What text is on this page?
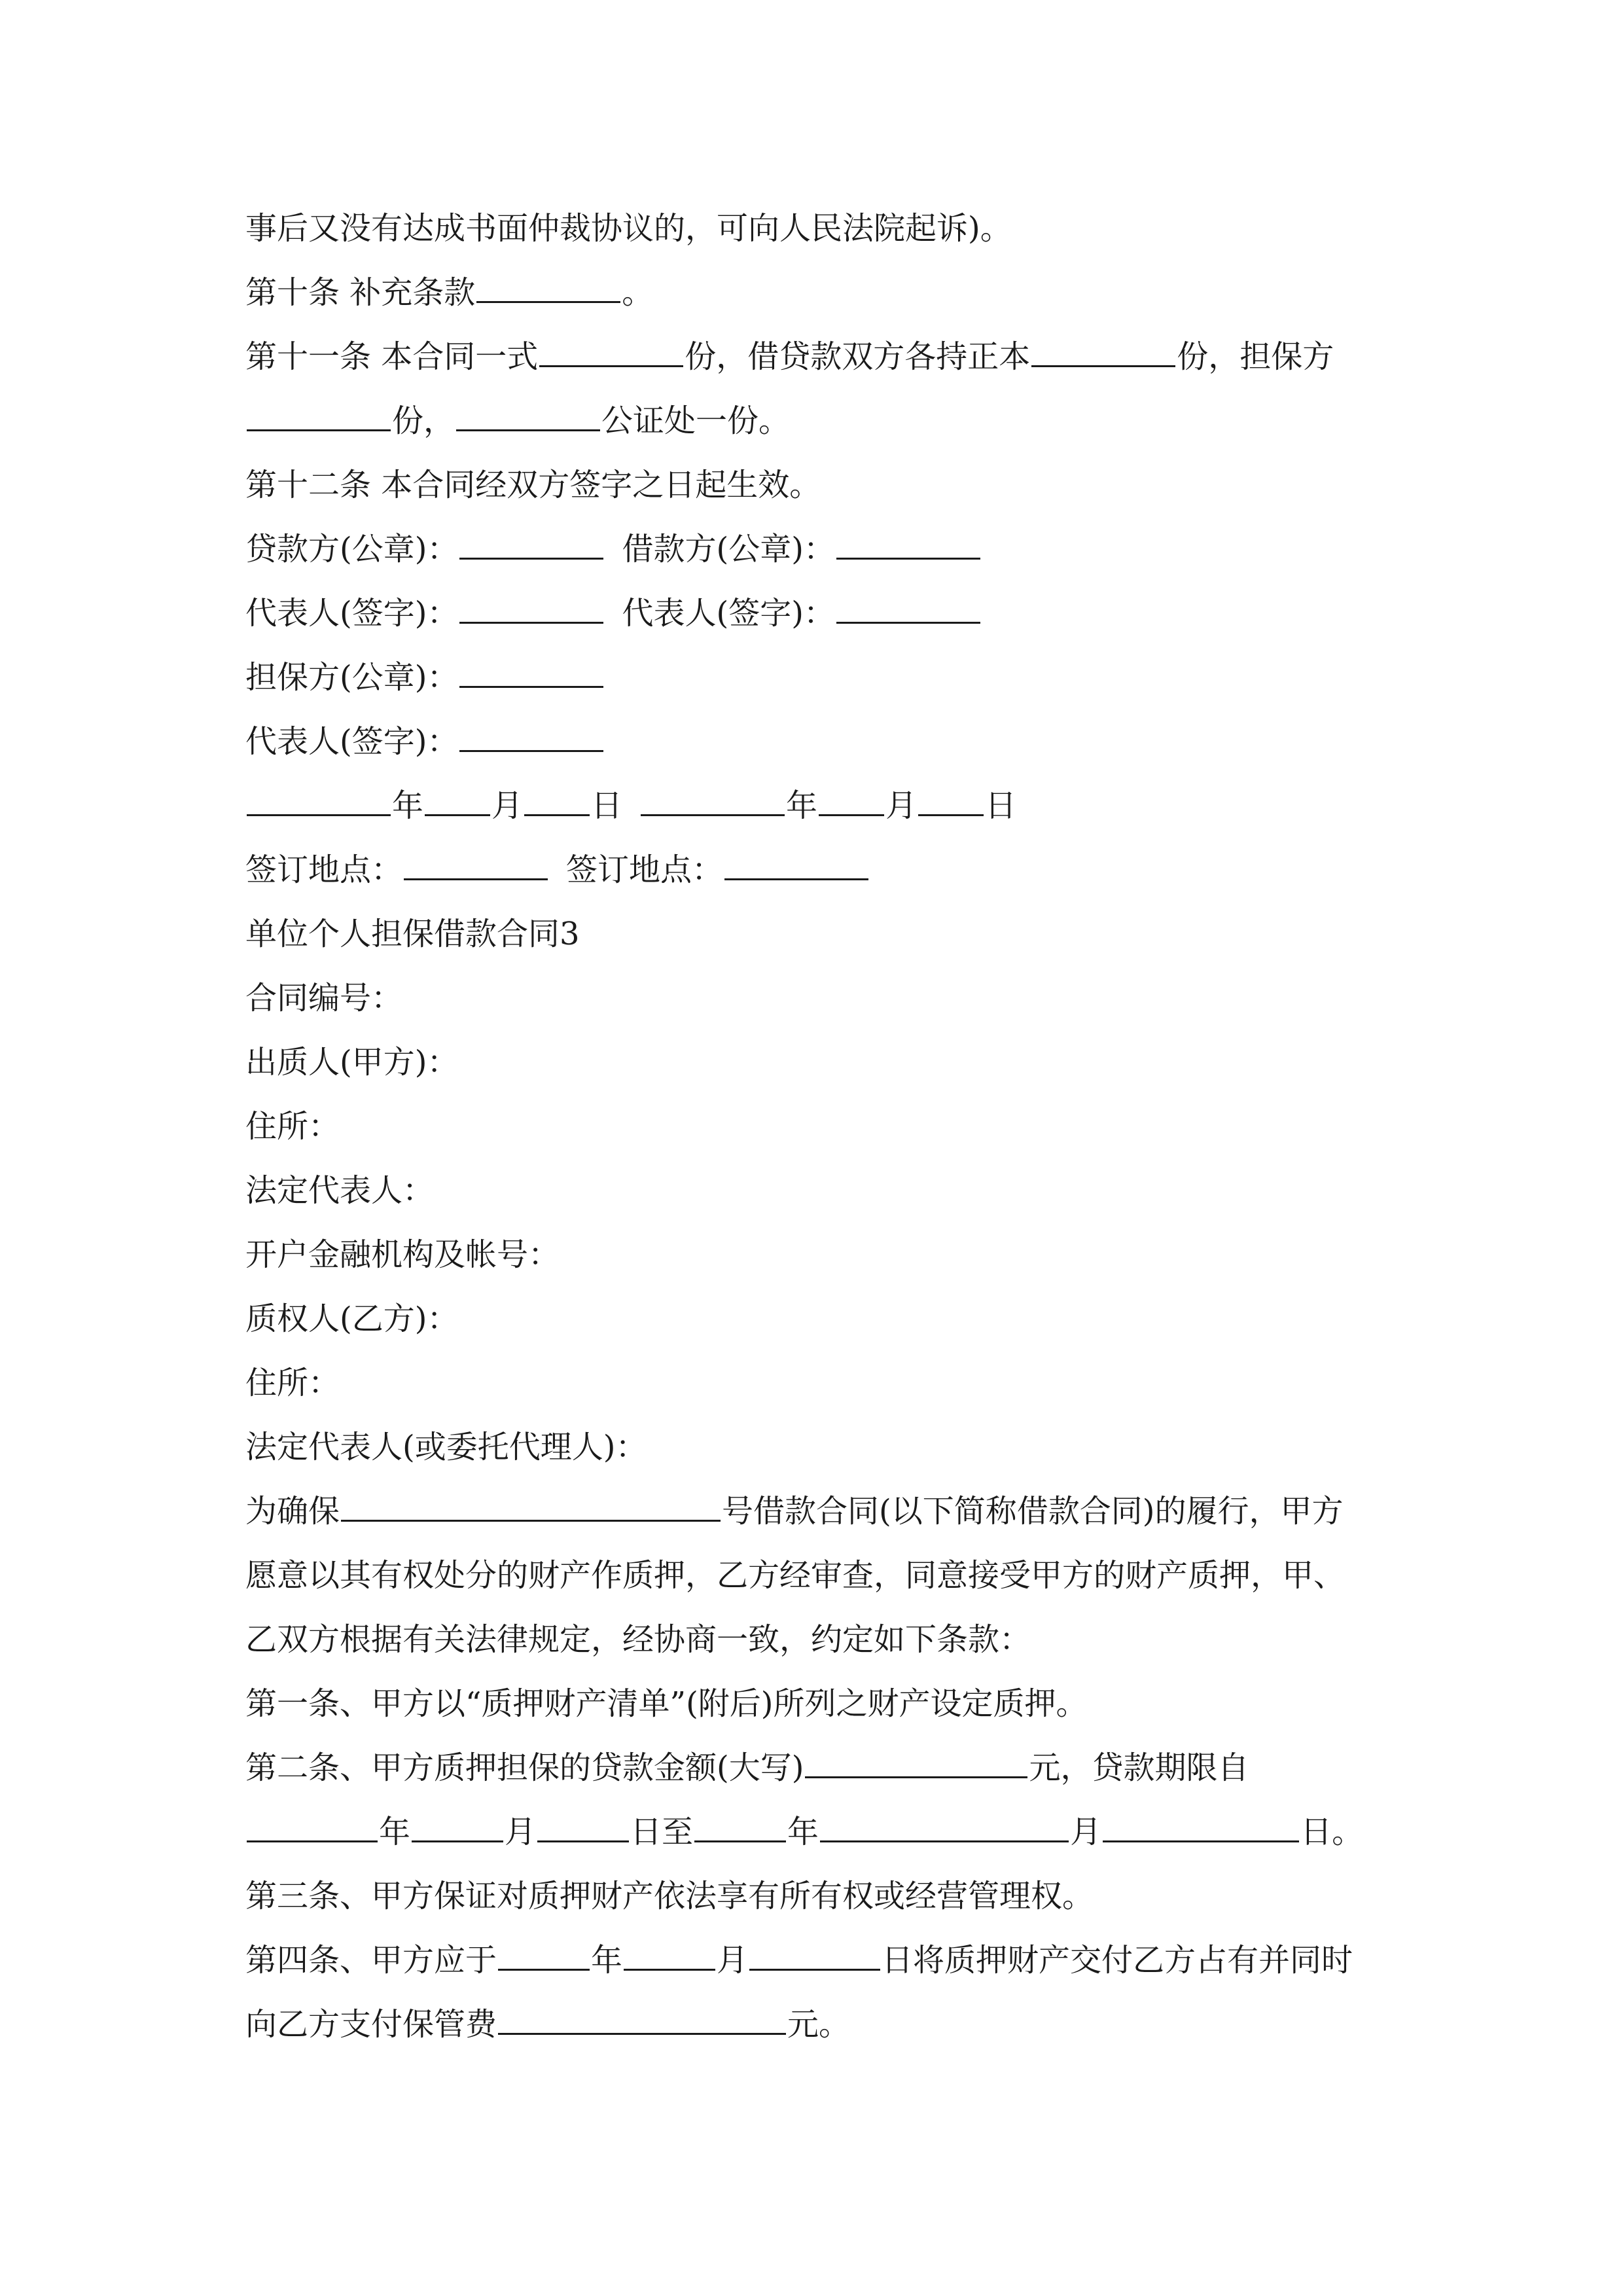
事后又没有达成书面仲裁协议的，可向人民法院起诉)。
第十条 补充条款	。
第十一条 本合同一式	份，借贷款双方各持正本	份，担保方
份，	公证处一份。
第十二条 本合同经双方签字之日起生效。
贷款方(公章)：	借款方(公章)：
代表人(签字)：	代表人(签字)：
担保方(公章)：
代表人(签字)：
年 月 日	年 月 日
签订地点：	签订地点：
单位个人担保借款合同3
合同编号：
出质人(甲方)：
住所：
法定代表人：
开户金融机构及帐号：
质权人(乙方)：
住所：
法定代表人(或委托代理人)：
为确保	号借款合同(以下简称借款合同)的履行，甲方
愿意以其有权处分的财产作质押，乙方经审查，同意接受甲方的财产质押，甲、
乙双方根据有关法律规定，经协商一致，约定如下条款：
第一条、甲方以“质押财产清单”(附后)所列之财产设定质押。
第二条、甲方质押担保的贷款金额(大写)	元，贷款期限自
年	月	日至	年	月	日。
第三条、甲方保证对质押财产依法享有所有权或经营管理权。
第四条、甲方应于	年	月	日将质押财产交付乙方占有并同时
向乙方支付保管费	元。
